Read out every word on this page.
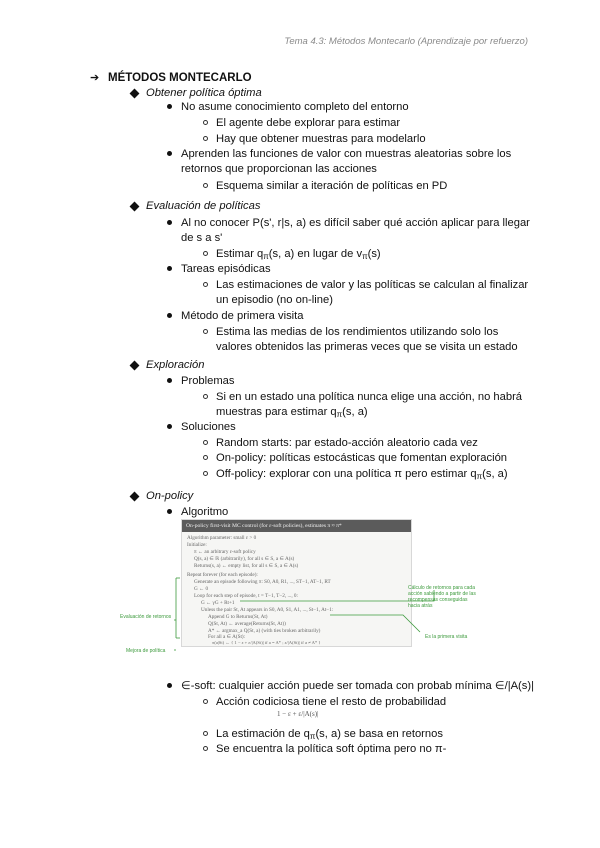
Tema 4.3: Métodos Montecarlo (Aprendizaje por refuerzo)
➔ MÉTODOS MONTECARLO
Obtener política óptima
No asume conocimiento completo del entorno
El agente debe explorar para estimar
Hay que obtener muestras para modelarlo
Aprenden las funciones de valor con muestras aleatorias sobre los
retornos que proporcionan las acciones
Esquema similar a iteración de políticas en PD
Evaluación de políticas
Al no conocer P(s', r|s, a) es difícil saber qué acción aplicar para llegar
de s a s'
Estimar $q_\pi(s$, a) en lugar de $v_\pi(s)$
Tareas episódicas
Las estimaciones de valor y las políticas se calculan al finalizar
un episodio (no on-line)
Método de primera visita
Estima las medias de los rendimientos utilizando solo los
valores obtenidos las primeras veces que se visita un estado
Exploración
Problemas
Si en un estado una política nunca elige una acción, no habrá
muestras para estimar $q_\pi(s$, a)
Soluciones
Random starts: par estado-acción aleatorio cada vez
On-policy: políticas estocásticas que fomentan exploración
Off-policy: explorar con una política π pero estimar $q_\pi(s$, a)
On-policy
Algoritmo
On-policy first-visit MC control (for ε-soft policies), estimates π ≈ π*
Algorithm parameter: small ε > 0
Initialize:
π ← an arbitrary ε-soft policy
Q(s, a) ∈ ℝ (arbitrarily), for all s ∈ S, a ∈ A(s)
Returns(s, a) ← empty list, for all s ∈ S, a ∈ A(s)
Repeat forever (for each episode):
Generate an episode following π: S0, A0, R1, ..., ST−1, AT−1, RT
G ← 0
Loop for each step of episode, t = T−1, T−2, ..., 0:
G ← γG + Rt+1
Unless the pair St, At appears in S0, A0, S1, A1, ..., St−1, At−1:
Append G to Returns(St, At)
Q(St, At) ← average(Returns(St, At))
A* ← argmax_a Q(St, a) (with ties broken arbitrarily)
For all a ∈ A(St):
π(a|St) ← { 1 − ε + ε/|A(St)| if a = A* ; ε/|A(St)| if a ≠ A* }
Evaluación de retornos
Mejora de política
Cálculo de retornos para cada
acción sabiendo a partir de las
recompensas conseguidas
hacia atrás
Es la primera visita
∈-soft: cualquier acción puede ser tomada con probab mínima ∈/|A(s)|
Acción codiciosa tiene el resto de probabilidad
1 − ε + ε/|A(s)|
La estimación de $q_\pi(s$, a) se basa en retornos
Se encuentra la política soft óptima pero no π-
